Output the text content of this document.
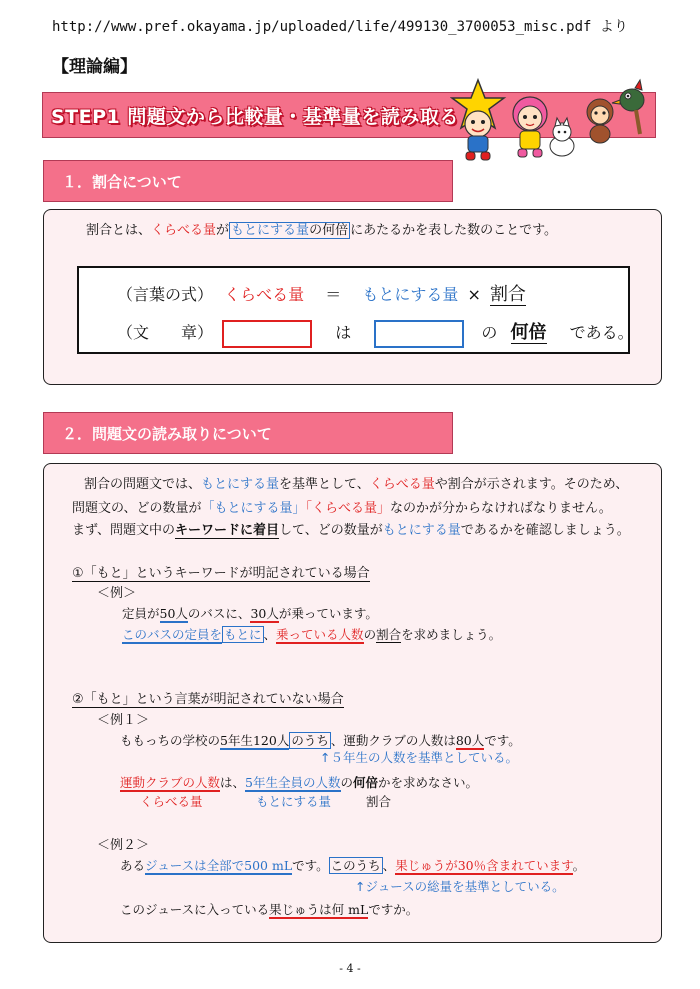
http://www.pref.okayama.jp/uploaded/life/499130_3700053_misc.pdf より
【理論編】
STEP1 問題文から比較量・基準量を読み取る
１．割合について
割合とは、くらべる量が もとにする量の何倍 にあたるかを表した数のことです。
（言葉の式） くらべる量 ＝ もとにする量 × 割合
（文　　章）	は	の 何倍 である。
２．問題文の読み取りについて
割合の問題文では、もとにする量を基準として、くらべる量や割合が示されます。そのため、
問題文の、どの数量が「もとにする量」「くらべる量」なのかが分からなければなりません。
まず、問題文中のキーワードに着目して、どの数量がもとにする量であるかを確認しましょう。
①「もと」というキーワードが明記されている場合
＜例＞
定員が50人のバスに、30人が乗っています。
このバスの定員を もとに 、乗っている人数の割合を求めましょう。
②「もと」という言葉が明記されていない場合
＜例１＞
ももっちの学校の5年生120人 のうち 、運動クラブの人数は80人です。
↑５年生の人数を基準としている。
運動クラブの人数は、5年生全員の人数の何倍かを求めなさい。
くらべる量	もとにする量	割合
＜例２＞
あるジュースは全部で500 mLです。 このうち 、果じゅうが30％含まれています。
↑ジュースの総量を基準としている。
このジュースに入っている果じゅうは何 mLですか。
- 4 -
